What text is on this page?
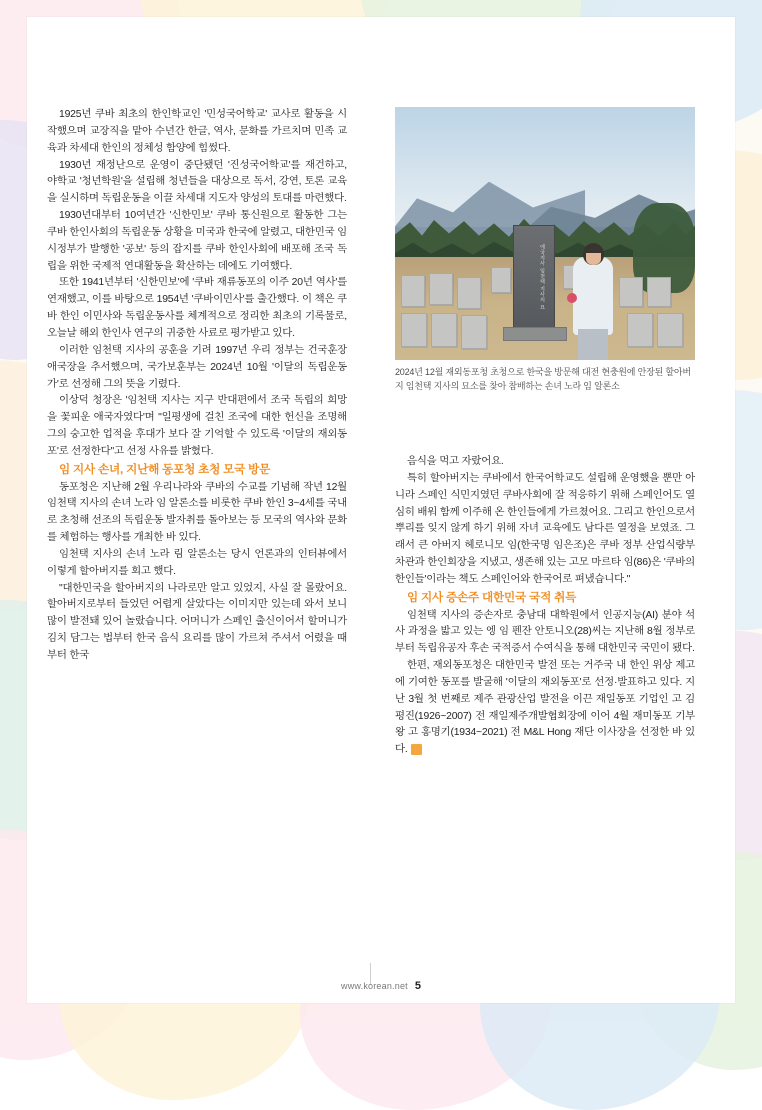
1925년 쿠바 최초의 한인학교인 '민성국어학교' 교사로 활동을 시작했으며 교장직을 맡아 수년간 한글, 역사, 문화를 가르치며 민족 교육과 차세대 한인의 정체성 함양에 힘썼다.

1930년 재정난으로 운영이 중단됐던 '진성국어학교'를 재건하고, 야학교 '청년학원'을 설립해 청년들을 대상으로 독서, 강연, 토론 교육을 실시하며 독립운동을 이끌 차세대 지도자 양성의 토대를 마련했다.

1930년대부터 10여년간 '신한민보' 쿠바 통신원으로 활동한 그는 쿠바 한인사회의 독립운동 상황을 미국과 한국에 알렸고, 대한민국 임시정부가 발행한 '공보' 등의 잡지를 쿠바 한인사회에 배포해 조국 독립을 위한 국제적 연대활동을 확산하는 데에도 기여했다.

또한 1941년부터 '신한민보'에 '쿠바 재류동포의 이주 20년 역사'를 연재했고, 이를 바탕으로 1954년 '쿠바이민사'를 출간했다. 이 책은 쿠바 한인 이민사와 독립운동사를 체계적으로 정리한 최초의 기록물로, 오늘날 해외 한인사 연구의 귀중한 사료로 평가받고 있다.

이러한 임천택 지사의 공훈을 기려 1997년 우리 정부는 건국훈장 애국장을 추서했으며, 국가보훈부는 2024년 10월 '이달의 독립운동가'로 선정해 그의 뜻을 기렸다.

이상덕 청장은 '임천택 지사는 지구 반대편에서 조국 독립의 희망을 꽃피운 애국자였다'며 "일평생에 걸친 조국에 대한 헌신을 조명해 그의 숭고한 업적을 후대가 보다 잘 기억할 수 있도록 '이달의 재외동포'로 선정한다"고 선정 사유를 밝혔다.

임 지사 손녀, 지난해 동포청 초청 모국 방문

동포청은 지난해 2월 우리나라와 쿠바의 수교를 기념해 작년 12월 임천택 지사의 손녀 노라 임 알론소를 비롯한 쿠바 한인 3~4세를 국내로 초청해 선조의 독립운동 발자취를 돌아보는 등 모국의 역사와 문화를 체험하는 행사를 개최한 바 있다.

임천택 지사의 손녀 노라 림 알론소는 당시 언론과의 인터뷰에서 이렇게 할아버지를 회고 했다.

"대한민국을 할아버지의 나라로만 알고 있었지, 사실 잘 몰랐어요. 할아버지로부터 들었던 어렵게 살았다는 이미지만 있는데 와서 보니 많이 발전돼 있어 놀랐습니다. 어머니가 스페인 출신이어서 할머니가 김치 담그는 법부터 한국 음식 요리를 많이 가르쳐 주셔서 어렸을 때부터 한국

애국지사 임천택 지사의 묘
2024년 12월 재외동포청 초청으로 한국을 방문해 대전 현충원에 안장된 할아버지 임천택 지사의 묘소를 찾아 참배하는 손녀 노라 임 알론소

음식을 먹고 자랐어요.

특히 할아버지는 쿠바에서 한국어학교도 설립해 운영했을 뿐만 아니라 스페인 식민지였던 쿠바사회에 잘 적응하기 위해 스페인어도 열심히 배워 함께 이주해 온 한인들에게 가르쳤어요. 그리고 한인으로서 뿌리를 잊지 않게 하기 위해 자녀 교육에도 남다른 열정을 보였죠. 그래서 큰 아버지 헤로니모 임(한국명 임은조)은 쿠바 정부 산업식량부 차관과 한인회장을 지냈고, 생존해 있는 고모 마르타 임(86)은 '쿠바의 한인들'이라는 책도 스페인어와 한국어로 펴냈습니다."

임 지사 증손주 대한민국 국적 취득

임천택 지사의 증손자로 충남대 대학원에서 인공지능(AI) 분야 석사 과정을 밟고 있는 엥 임 펜잔 안토니오(28)씨는 지난해 8월 정부로부터 독립유공자 후손 국적증서 수여식을 통해 대한민국 국민이 됐다.

한편, 재외동포청은 대한민국 발전 또는 거주국 내 한인 위상 제고에 기여한 동포를 발굴해 '이달의 재외동포'로 선정·발표하고 있다. 지난 3월 첫 번째로 제주 관광산업 발전을 이끈 재일동포 기업인 고 김평진(1926~2007) 전 재일제주개발협회장에 이어 4월 재미동포 기부왕 고 홍명기(1934~2021) 전 M&L Hong 재단 이사장을 선정한 바 있다. 한

www.korean.net 5
